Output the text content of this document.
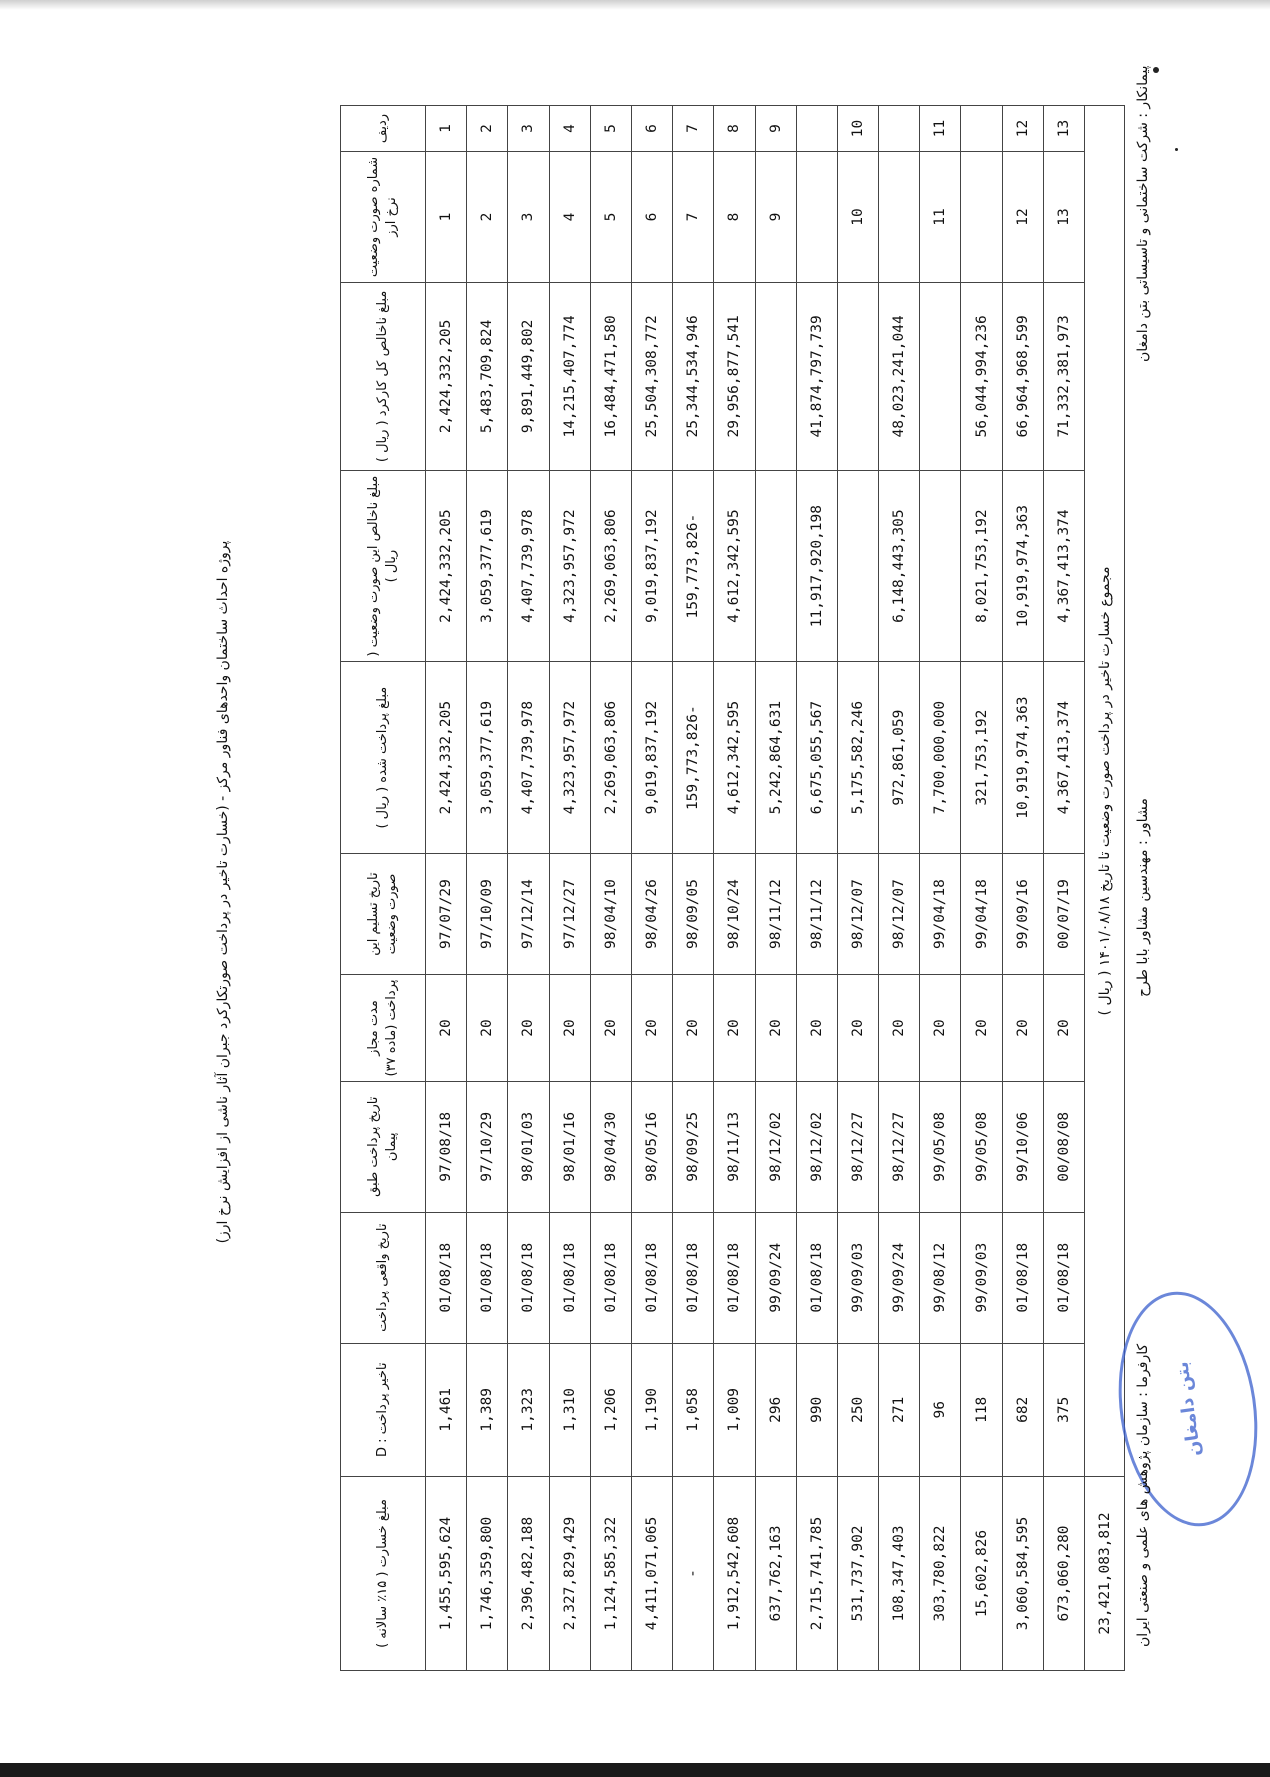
پروژه احداث ساختمان واحدهای فناور مرکز - (خسارت تاخیر در پرداخت صورتکارکرد جبران آثار ناشی از افزایش نرخ ارز)
ردیف	شماره صورت وضعیت نرخ ارز	مبلغ ناخالص کل کارکرد ( ریال )	مبلغ ناخالص این صورت وضعیت ( ریال )	مبلغ پرداخت شده ( ریال )	تاریخ تسلیم این صورت وضعیت	مدت مجاز پرداخت (ماده ۳۷)	تاریخ پرداخت طبق پیمان	تاریخ واقعی پرداخت	تاخیر پرداخت : D	مبلغ خسارت ( ۱۵٪ سالانه )
1	1	2,424,332,205	2,424,332,205	2,424,332,205	97/07/29	20	97/08/18	01/08/18	1,461	1,455,595,624
2	2	5,483,709,824	3,059,377,619	3,059,377,619	97/10/09	20	97/10/29	01/08/18	1,389	1,746,359,800
3	3	9,891,449,802	4,407,739,978	4,407,739,978	97/12/14	20	98/01/03	01/08/18	1,323	2,396,482,188
4	4	14,215,407,774	4,323,957,972	4,323,957,972	97/12/27	20	98/01/16	01/08/18	1,310	2,327,829,429
5	5	16,484,471,580	2,269,063,806	2,269,063,806	98/04/10	20	98/04/30	01/08/18	1,206	1,124,585,322
6	6	25,504,308,772	9,019,837,192	9,019,837,192	98/04/26	20	98/05/16	01/08/18	1,190	4,411,071,065
7	7	25,344,534,946	159,773,826-	159,773,826-	98/09/05	20	98/09/25	01/08/18	1,058	-
8	8	29,956,877,541	4,612,342,595	4,612,342,595	98/10/24	20	98/11/13	01/08/18	1,009	1,912,542,608
9	9			5,242,864,631	98/11/12	20	98/12/02	99/09/24	296	637,762,163
		41,874,797,739	11,917,920,198	6,675,055,567	98/11/12	20	98/12/02	01/08/18	990	2,715,741,785
10	10			5,175,582,246	98/12/07	20	98/12/27	99/09/03	250	531,737,902
		48,023,241,044	6,148,443,305	972,861,059	98/12/07	20	98/12/27	99/09/24	271	108,347,403
11	11			7,700,000,000	99/04/18	20	99/05/08	99/08/12	96	303,780,822
		56,044,994,236	8,021,753,192	321,753,192	99/04/18	20	99/05/08	99/09/03	118	15,602,826
12	12	66,964,968,599	10,919,974,363	10,919,974,363	99/09/16	20	99/10/06	01/08/18	682	3,060,584,595
13	13	71,332,381,973	4,367,413,374	4,367,413,374	00/07/19	20	00/08/08	01/08/18	375	673,060,280
مجموع خسارت تاخیر در پرداخت صورت وضعیت تا تاریخ ۱۴۰۱/۰۸/۱۸ ( ریال )										23,421,083,812
بتن دامغان
پیمانکار : شرکت ساختمانی و تاسیساتی بتن دامغان
مشاور : مهندسین مشاور بابا طرح
کارفرما : سازمان پژوهش های علمی و صنعتی ایران
